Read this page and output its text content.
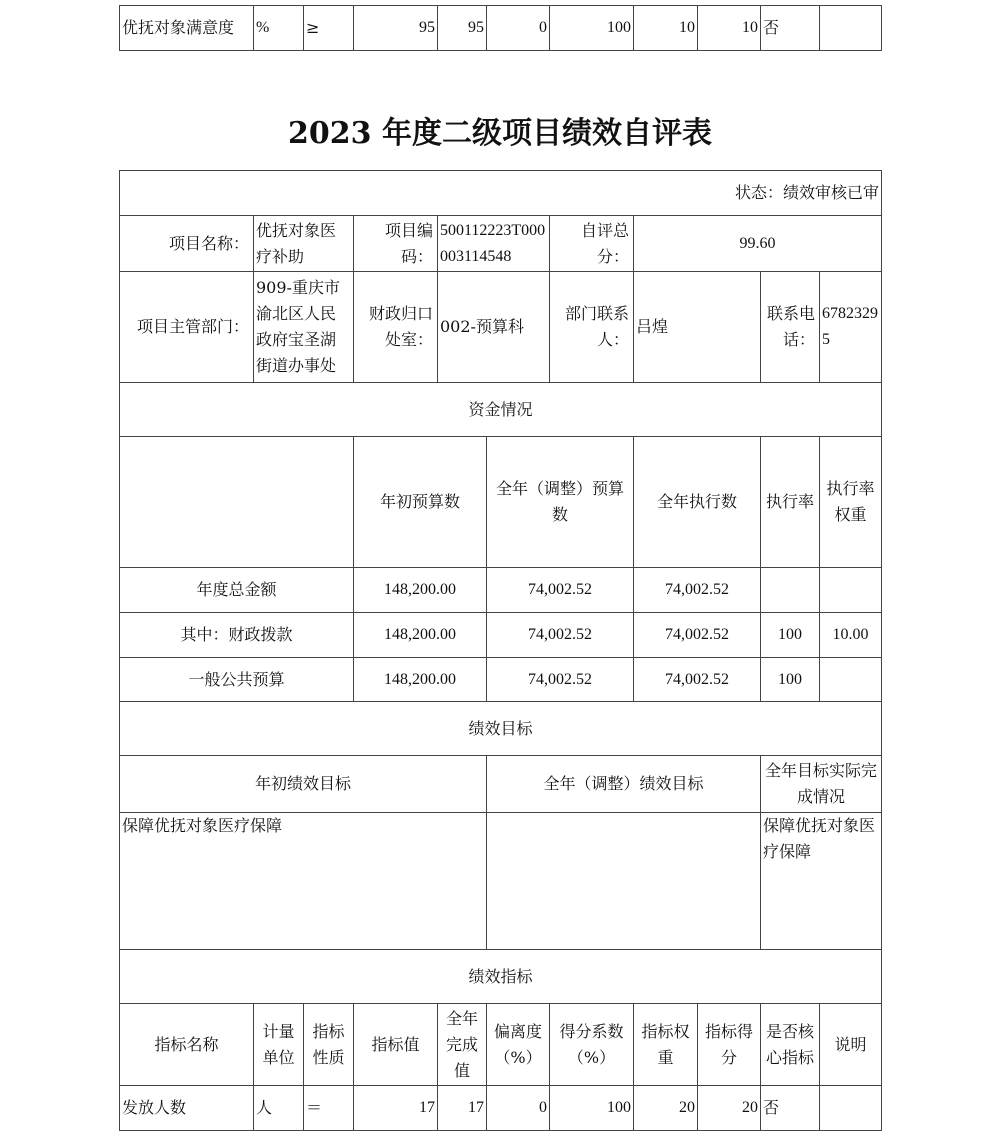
优抚对象满意度	%	≥	95	95	0	100	10	10	否	
2023 年度二级项目绩效自评表
状态：绩效审核已审											
项目名称：	优抚对象医疗补助		项目编码：	500112223T000003114548		自评总分：	99.60				
项目主管部门：	909-重庆市渝北区人民政府宝圣湖街道办事处		财政归口处室：	002-预算科		部门联系人：	吕煌		联系电话：	67823295	
资金情况											
			年初预算数		全年（调整）预算数		全年执行数		执行率	执行率权重	
年度总金额			148,200.00		74,002.52		74,002.52				
其中：财政拨款			148,200.00		74,002.52		74,002.52		100	10.00	
一般公共预算			148,200.00		74,002.52		74,002.52		100		
绩效目标											
年初绩效目标					全年（调整）绩效目标				全年目标实际完成情况		
保障优抚对象医疗保障									保障优抚对象医疗保障		
绩效指标											
指标名称	计量单位	指标性质	指标值	全年完成值	偏离度（%）	得分系数（%）	指标权重	指标得分	是否核心指标	说明	
发放人数	人	＝	17	17	0	100	20	20	否		
